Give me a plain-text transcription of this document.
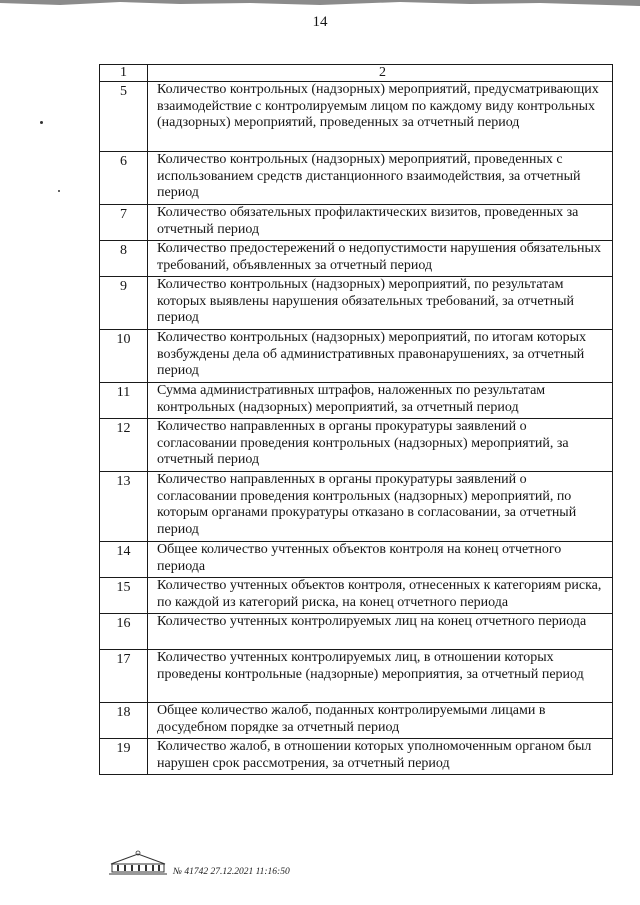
14
1	2

5	Количество контрольных (надзорных) мероприятий, предусматривающих взаимодействие с контролируемым лицом по каждому виду контрольных (надзорных) мероприятий, проведенных за отчетный период

6	Количество контрольных (надзорных) мероприятий, проведенных с использованием средств дистанционного взаимодействия, за отчетный период

7	Количество обязательных профилактических визитов, проведенных за отчетный период

8	Количество предостережений о недопустимости нарушения обязательных требований, объявленных за отчетный период

9	Количество контрольных (надзорных) мероприятий, по результатам которых выявлены нарушения обязательных требований, за отчетный период

10	Количество контрольных (надзорных) мероприятий, по итогам которых возбуждены дела об административных правонарушениях, за отчетный период

11	Сумма административных штрафов, наложенных по результатам контрольных (надзорных) мероприятий, за отчетный период

12	Количество направленных в органы прокуратуры заявлений о согласовании проведения контрольных (надзорных) мероприятий, за отчетный период

13	Количество направленных в органы прокуратуры заявлений о согласовании проведения контрольных (надзорных) мероприятий, по которым органами прокуратуры отказано в согласовании, за отчетный период

14	Общее количество учтенных объектов контроля на конец отчетного периода

15	Количество учтенных объектов контроля, отнесенных к категориям риска, по каждой из категорий риска, на конец отчетного периода

16	Количество учтенных контролируемых лиц на конец отчетного периода

17	Количество учтенных контролируемых лиц, в отношении которых проведены контрольные (надзорные) мероприятия, за отчетный период

18	Общее количество жалоб, поданных контролируемыми лицами в досудебном порядке за отчетный период

19	Количество жалоб, в отношении которых уполномоченным органом был нарушен срок рассмотрения, за отчетный период
№ 41742 27.12.2021 11:16:50
